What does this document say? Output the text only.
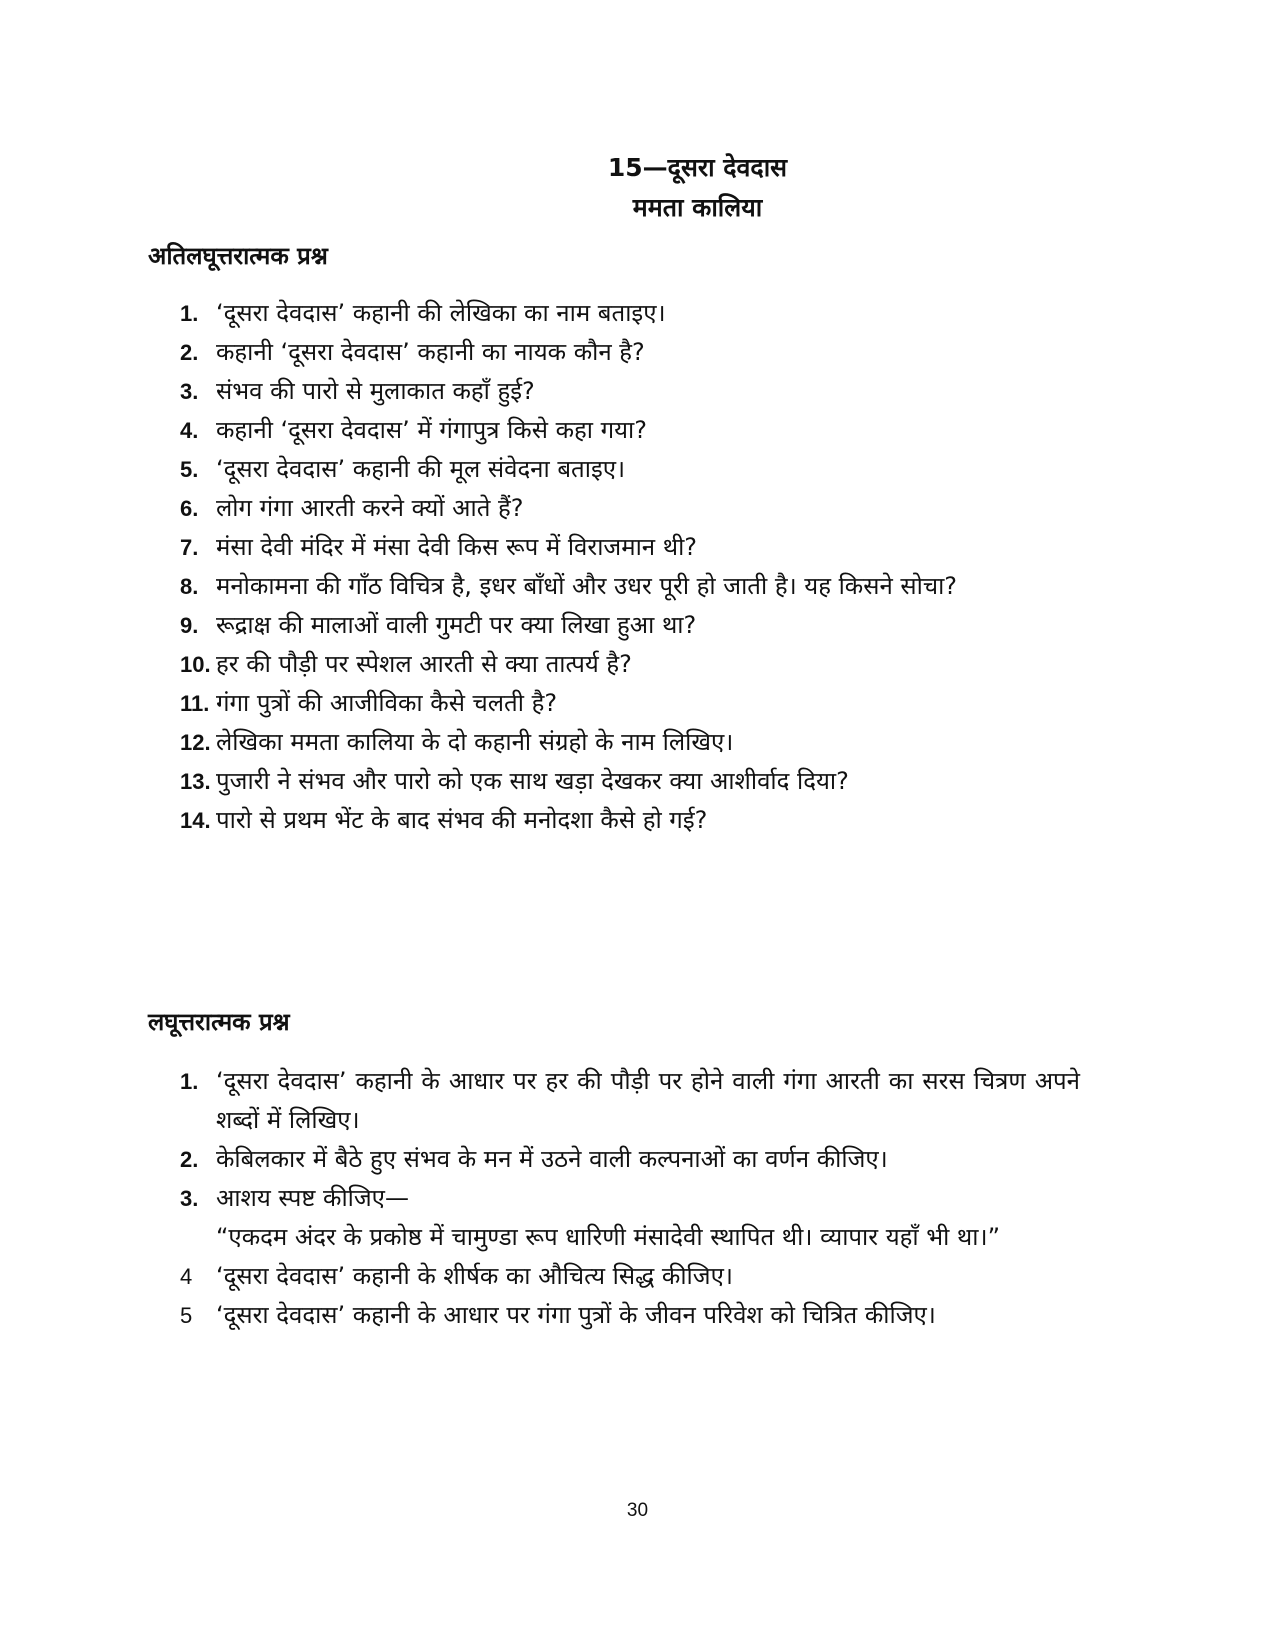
15—दूसरा देवदास
ममता कालिया
अतिलघूत्तरात्मक प्रश्न
1. ‘दूसरा देवदास’ कहानी की लेखिका का नाम बताइए।
2. कहानी ‘दूसरा देवदास’ कहानी का नायक कौन है?
3. संभव की पारो से मुलाकात कहाँ हुई?
4. कहानी ‘दूसरा देवदास’ में गंगापुत्र किसे कहा गया?
5. ‘दूसरा देवदास’ कहानी की मूल संवेदना बताइए।
6. लोग गंगा आरती करने क्यों आते हैं?
7. मंसा देवी मंदिर में मंसा देवी किस रूप में विराजमान थी?
8. मनोकामना की गाँठ विचित्र है, इधर बाँधों और उधर पूरी हो जाती है। यह किसने सोचा?
9. रूद्राक्ष की मालाओं वाली गुमटी पर क्या लिखा हुआ था?
10. हर की पौड़ी पर स्पेशल आरती से क्या तात्पर्य है?
11. गंगा पुत्रों की आजीविका कैसे चलती है?
12. लेखिका ममता कालिया के दो कहानी संग्रहो के नाम लिखिए।
13. पुजारी ने संभव और पारो को एक साथ खड़ा देखकर क्या आशीर्वाद दिया?
14. पारो से प्रथम भेंट के बाद संभव की मनोदशा कैसे हो गई?
लघूत्तरात्मक प्रश्न
1. ‘दूसरा देवदास’ कहानी के आधार पर हर की पौड़ी पर होने वाली गंगा आरती का सरस चित्रण अपने शब्दों में लिखिए।
2. केबिलकार में बैठे हुए संभव के मन में उठने वाली कल्पनाओं का वर्णन कीजिए।
3. आशय स्पष्ट कीजिए—
“एकदम अंदर के प्रकोष्ठ में चामुण्डा रूप धारिणी मंसादेवी स्थापित थी। व्यापार यहाँ भी था।”
4 ‘दूसरा देवदास’ कहानी के शीर्षक का औचित्य सिद्ध कीजिए।
5 ‘दूसरा देवदास’ कहानी के आधार पर गंगा पुत्रों के जीवन परिवेश को चित्रित कीजिए।
30
